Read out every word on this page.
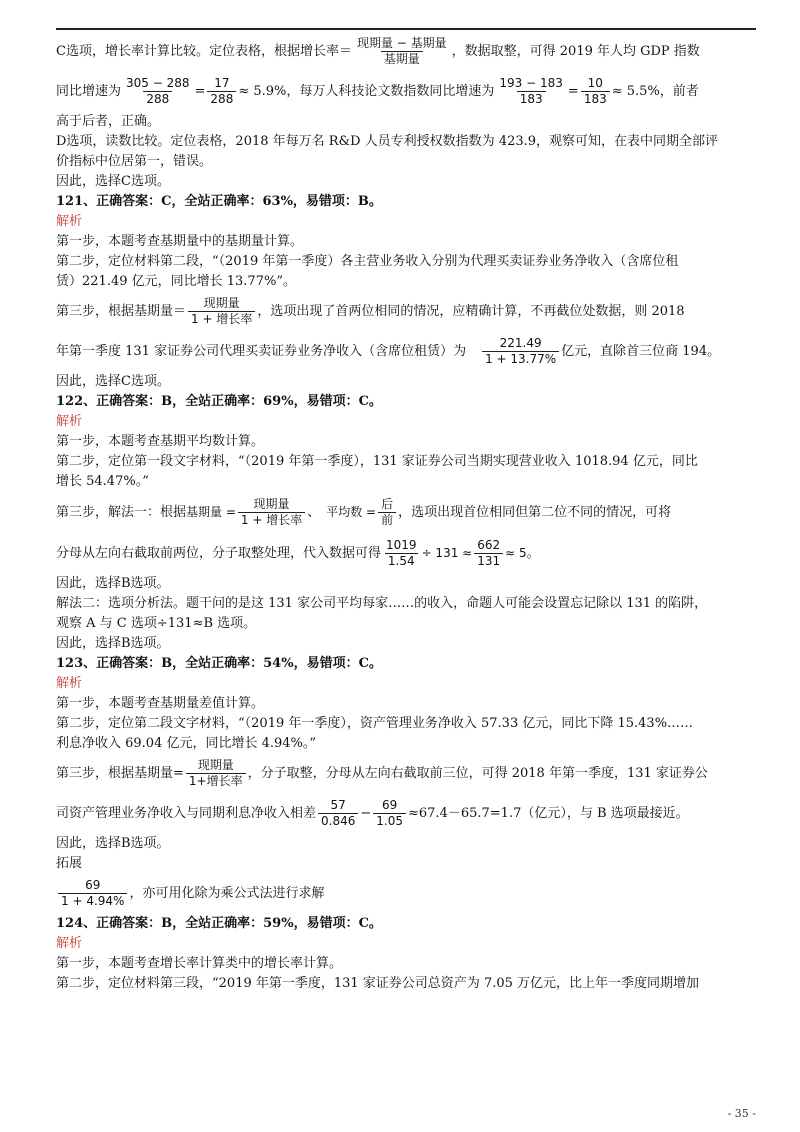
C选项，增长率计算比较。定位表格，根据增长率＝ $\frac{\text{现期量 − 基期量}}{\text{基期量}}$ ，数据取整，可得 2019 年人均 GDP 指数
同比增速为 $\frac{305 - 288}{288} = \frac{17}{288} \approx 5.9\%$，每万人科技论文数指数同比增速为 $\frac{193 - 183}{183} = \frac{10}{183} \approx 5.5\%$，前者
高于后者，正确。
D选项，读数比较。定位表格，2018 年每万名 R&D 人员专利授权数指数为 423.9，观察可知，在表中同期全部评
价指标中位居第一，错误。
因此，选择C选项。
121、正确答案：C，全站正确率：63%，易错项：B。
解析
第一步，本题考查基期量中的基期量计算。
第二步，定位材料第二段，“（2019 年第一季度）各主营业务收入分别为代理买卖证券业务净收入（含席位租
赁）221.49 亿元，同比增长 13.77%”。
第三步，根据基期量＝ $\frac{\text{现期量}}{\text{1 + 增长率}}$ ，选项出现了首两位相同的情况，应精确计算，不再截位处数据，则 2018
年第一季度 131 家证券公司代理买卖证券业务净收入（含席位租赁）为 $\frac{221.49}{1 + 13.77\%}$ 亿元，直除首三位商 194。
因此，选择C选项。
122、正确答案：B，全站正确率：69%，易错项：C。
解析
第一步，本题考查基期平均数计算。
第二步，定位第一段文字材料，“（2019 年第一季度），131 家证券公司当期实现营业收入 1018.94 亿元，同比
增长 54.47%。”
第三步，解法一：根据基期量 = $\frac{\text{现期量}}{\text{1 + 增长率}}$ 、 平均数 = $\frac{\text{后}}{\text{前}}$ ，选项出现首位相同但第二位不同的情况，可将
分母从左向右截取前两位，分子取整处理，代入数据可得 $\frac{1019}{1.54} \div 131 \approx \frac{662}{131} \approx 5$。
因此，选择B选项。
解法二：选项分析法。题干问的是这 131 家公司平均每家……的收入，命题人可能会设置忘记除以 131 的陷阱，
观察 A 与 C 选项÷131≈B 选项。
因此，选择B选项。
123、正确答案：B，全站正确率：54%，易错项：C。
解析
第一步，本题考查基期量差值计算。
第二步，定位第二段文字材料，“（2019 年一季度），资产管理业务净收入 57.33 亿元，同比下降 15.43%……
利息净收入 69.04 亿元，同比增长 4.94%。”
第三步，根据基期量= $\frac{\text{现期量}}{\text{1+增长率}}$ ，分子取整，分母从左向右截取前三位，可得 2018 年第一季度，131 家证券公
司资产管理业务净收入与同期利息净收入相差 $\frac{57}{0.846} - \frac{69}{1.05} \approx 67.4-65.7=1.7$（亿元），与 B 选项最接近。
因此，选择B选项。
拓展
$\frac{69}{1 + 4.94\%}$ ，亦可用化除为乘公式法进行求解
124、正确答案：B，全站正确率：59%，易错项：C。
解析
第一步，本题考查增长率计算类中的增长率计算。
第二步，定位材料第三段，“2019 年第一季度，131 家证券公司总资产为 7.05 万亿元，比上年一季度同期增加
- 35 -
